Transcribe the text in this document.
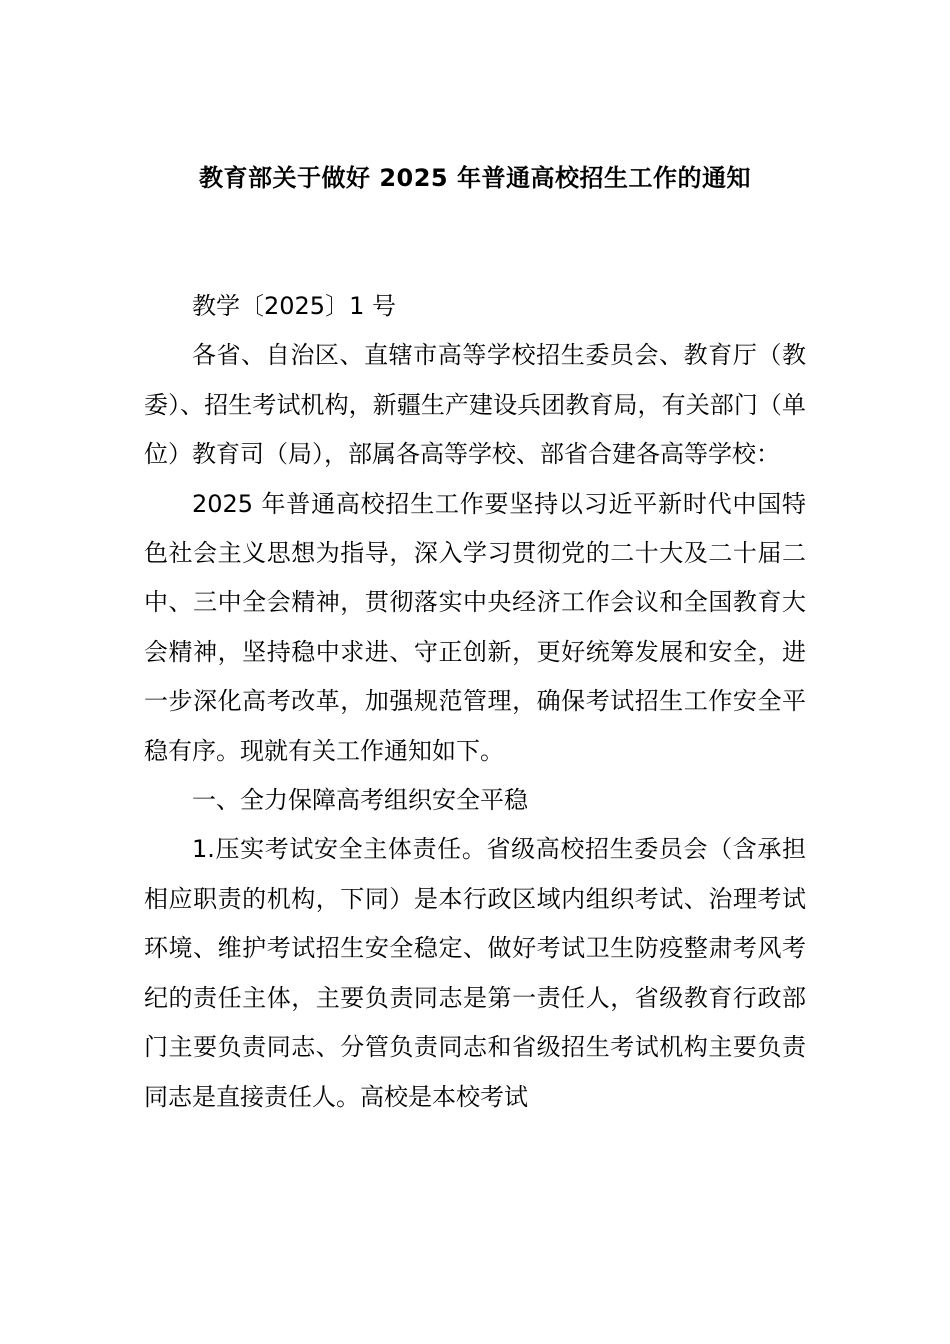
教育部关于做好 2025 年普通高校招生工作的通知

教学〔2025〕1 号

各省、自治区、直辖市高等学校招生委员会、教育厅（教委）、招生考试机构，新疆生产建设兵团教育局，有关部门（单位）教育司（局），部属各高等学校、部省合建各高等学校：

2025 年普通高校招生工作要坚持以习近平新时代中国特色社会主义思想为指导，深入学习贯彻党的二十大及二十届二中、三中全会精神，贯彻落实中央经济工作会议和全国教育大会精神，坚持稳中求进、守正创新，更好统筹发展和安全，进一步深化高考改革，加强规范管理，确保考试招生工作安全平稳有序。现就有关工作通知如下。

一、全力保障高考组织安全平稳

1.压实考试安全主体责任。省级高校招生委员会（含承担相应职责的机构，下同）是本行政区域内组织考试、治理考试环境、维护考试招生安全稳定、做好考试卫生防疫整肃考风考纪的责任主体，主要负责同志是第一责任人，省级教育行政部门主要负责同志、分管负责同志和省级招生考试机构主要负责同志是直接责任人。高校是本校考试
